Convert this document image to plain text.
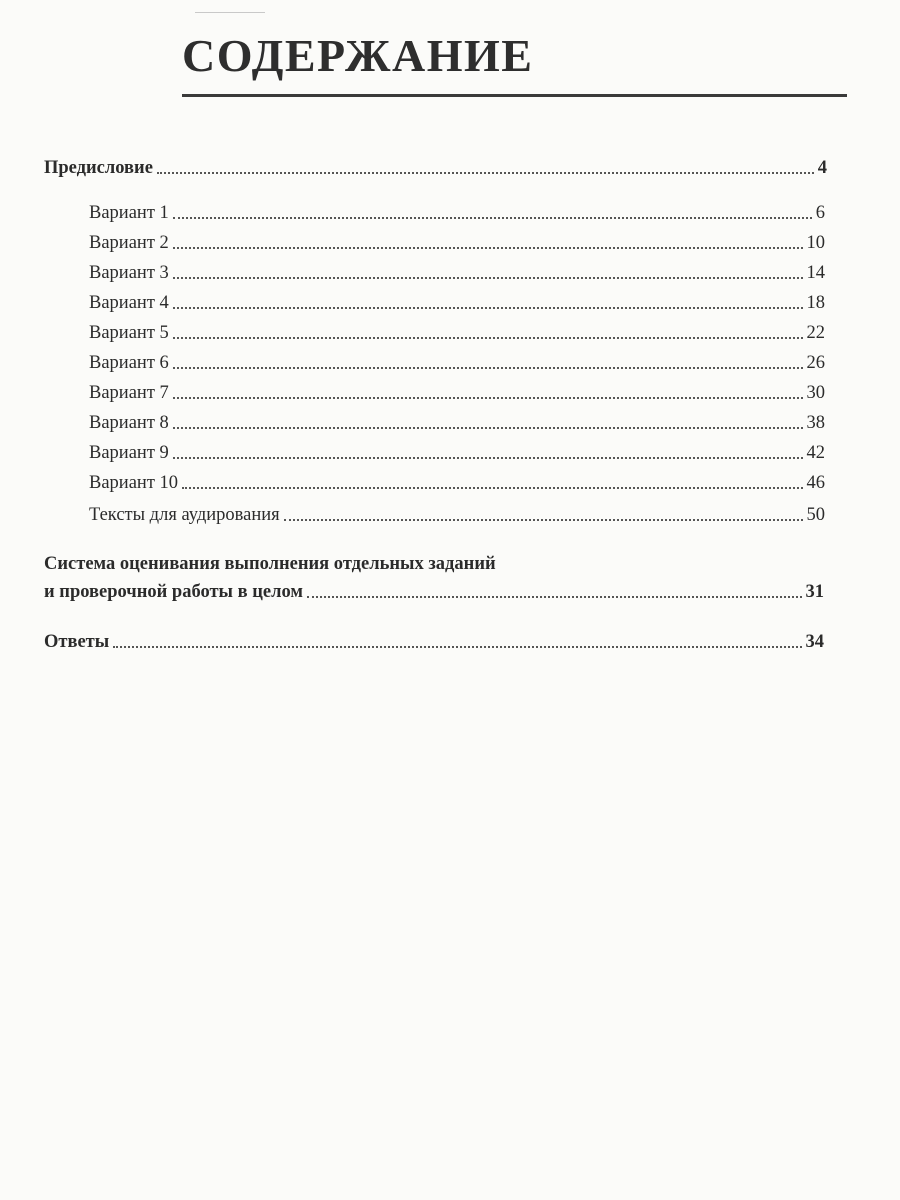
СОДЕРЖАНИЕ
Предисловие	4
Вариант 1	6
Вариант 2	10
Вариант 3	14
Вариант 4	18
Вариант 5	22
Вариант 6	26
Вариант 7	30
Вариант 8	38
Вариант 9	42
Вариант 10	46
Тексты для аудирования	50
Система оценивания выполнения отдельных заданий
и проверочной работы в целом	31
Ответы	34
